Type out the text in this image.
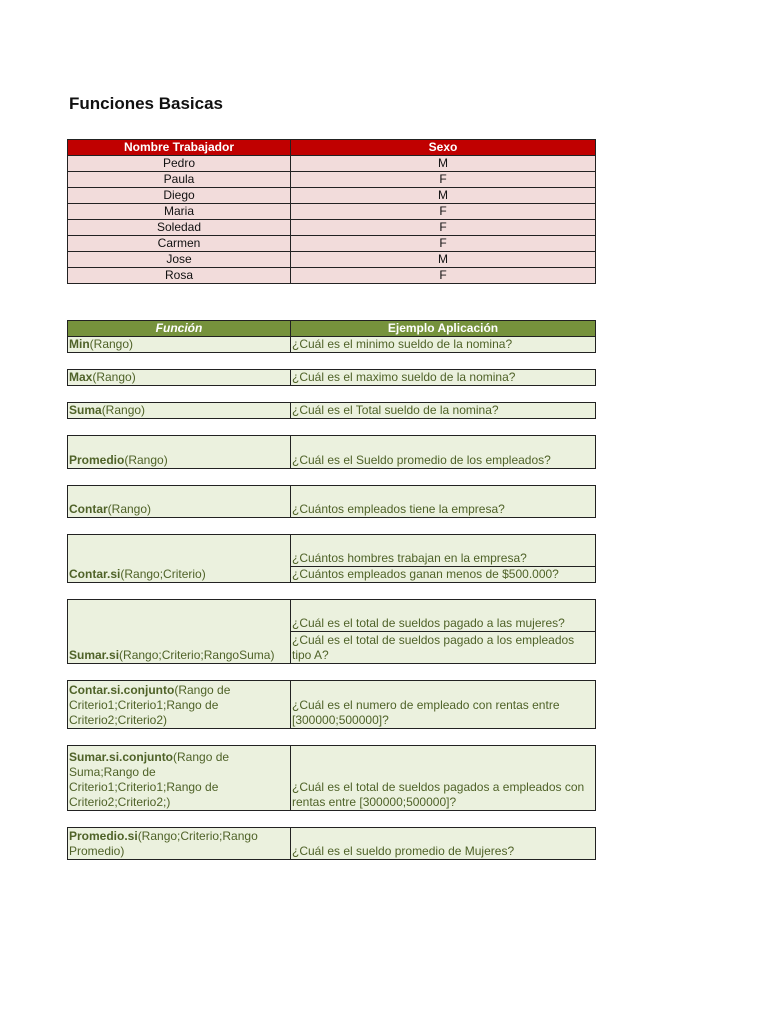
Funciones Basicas
Nombre Trabajador	Sexo
Pedro	M
Paula	F
Diego	M
Maria	F
Soledad	F
Carmen	F
Jose	M
Rosa	F
Función	Ejemplo Aplicación
Min(Rango)	¿Cuál es el minimo sueldo de la nomina?

Max(Rango)	¿Cuál es el maximo sueldo de la nomina?

Suma(Rango)	¿Cuál es el Total sueldo de la nomina?

Promedio(Rango)	¿Cuál es el Sueldo promedio de los empleados?

Contar(Rango)	¿Cuántos empleados tiene la empresa?

Contar.si(Rango;Criterio)	¿Cuántos hombres trabajan en la empresa?
	¿Cuántos empleados ganan menos de $500.000?

Sumar.si(Rango;Criterio;RangoSuma)	¿Cuál es el total de sueldos pagado a las mujeres?
	¿Cuál es el total de sueldos pagado a los empleados tipo A?

Contar.si.conjunto(Rango de Criterio1;Criterio1;Rango de Criterio2;Criterio2)	¿Cuál es el numero de empleado con rentas entre [300000;500000]?

Sumar.si.conjunto(Rango de Suma;Rango de Criterio1;Criterio1;Rango de Criterio2;Criterio2;)	¿Cuál es el total de sueldos pagados a empleados con rentas entre [300000;500000]?

Promedio.si(Rango;Criterio;Rango Promedio)	¿Cuál es el sueldo promedio de Mujeres?
